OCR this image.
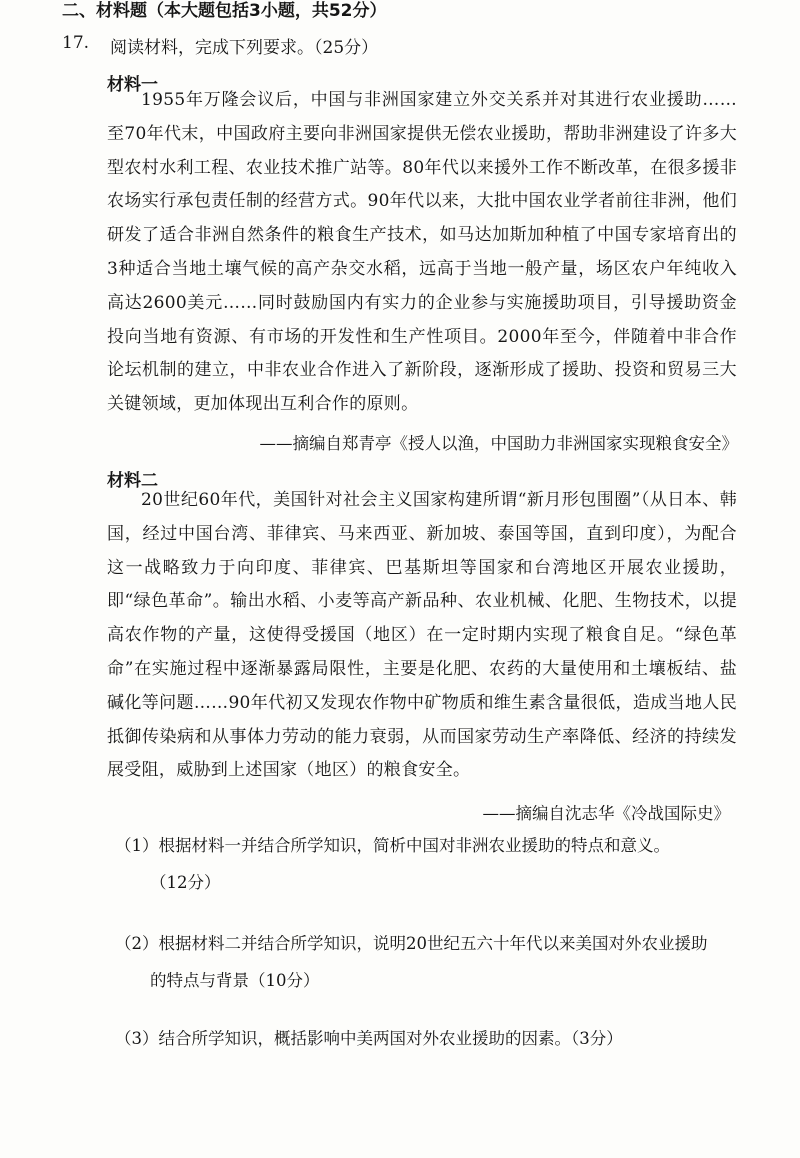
二、材料题（本大题包括3小题，共52分）
17. 阅读材料，完成下列要求。（25分）
材料一

1955年万隆会议后，中国与非洲国家建立外交关系并对其进行农业援助……至70年代末，中国政府主要向非洲国家提供无偿农业援助，帮助非洲建设了许多大型农村水利工程、农业技术推广站等。80年代以来援外工作不断改革，在很多援非农场实行承包责任制的经营方式。90年代以来，大批中国农业学者前往非洲，他们研发了适合非洲自然条件的粮食生产技术，如马达加斯加种植了中国专家培育出的3种适合当地土壤气候的高产杂交水稻，远高于当地一般产量，场区农户年纯收入高达2600美元……同时鼓励国内有实力的企业参与实施援助项目，引导援助资金投向当地有资源、有市场的开发性和生产性项目。2000年至今，伴随着中非合作论坛机制的建立，中非农业合作进入了新阶段，逐渐形成了援助、投资和贸易三大关键领域，更加体现出互利合作的原则。

——摘编自郑青亭《授人以渔，中国助力非洲国家实现粮食安全》
材料二

20世纪60年代，美国针对社会主义国家构建所谓“新月形包围圈”（从日本、韩国，经过中国台湾、菲律宾、马来西亚、新加坡、泰国等国，直到印度），为配合这一战略致力于向印度、菲律宾、巴基斯坦等国家和台湾地区开展农业援助，即“绿色革命”。输出水稻、小麦等高产新品种、农业机械、化肥、生物技术，以提高农作物的产量，这使得受援国（地区）在一定时期内实现了粮食自足。“绿色革命”在实施过程中逐渐暴露局限性，主要是化肥、农药的大量使用和土壤板结、盐碱化等问题……90年代初又发现农作物中矿物质和维生素含量很低，造成当地人民抵御传染病和从事体力劳动的能力衰弱，从而国家劳动生产率降低、经济的持续发展受阻，威胁到上述国家（地区）的粮食安全。

——摘编自沈志华《冷战国际史》
（1）根据材料一并结合所学知识，简析中国对非洲农业援助的特点和意义。
（12分）
（2）根据材料二并结合所学知识，说明20世纪五六十年代以来美国对外农业援助
的特点与背景（10分）
（3）结合所学知识，概括影响中美两国对外农业援助的因素。（3分）
